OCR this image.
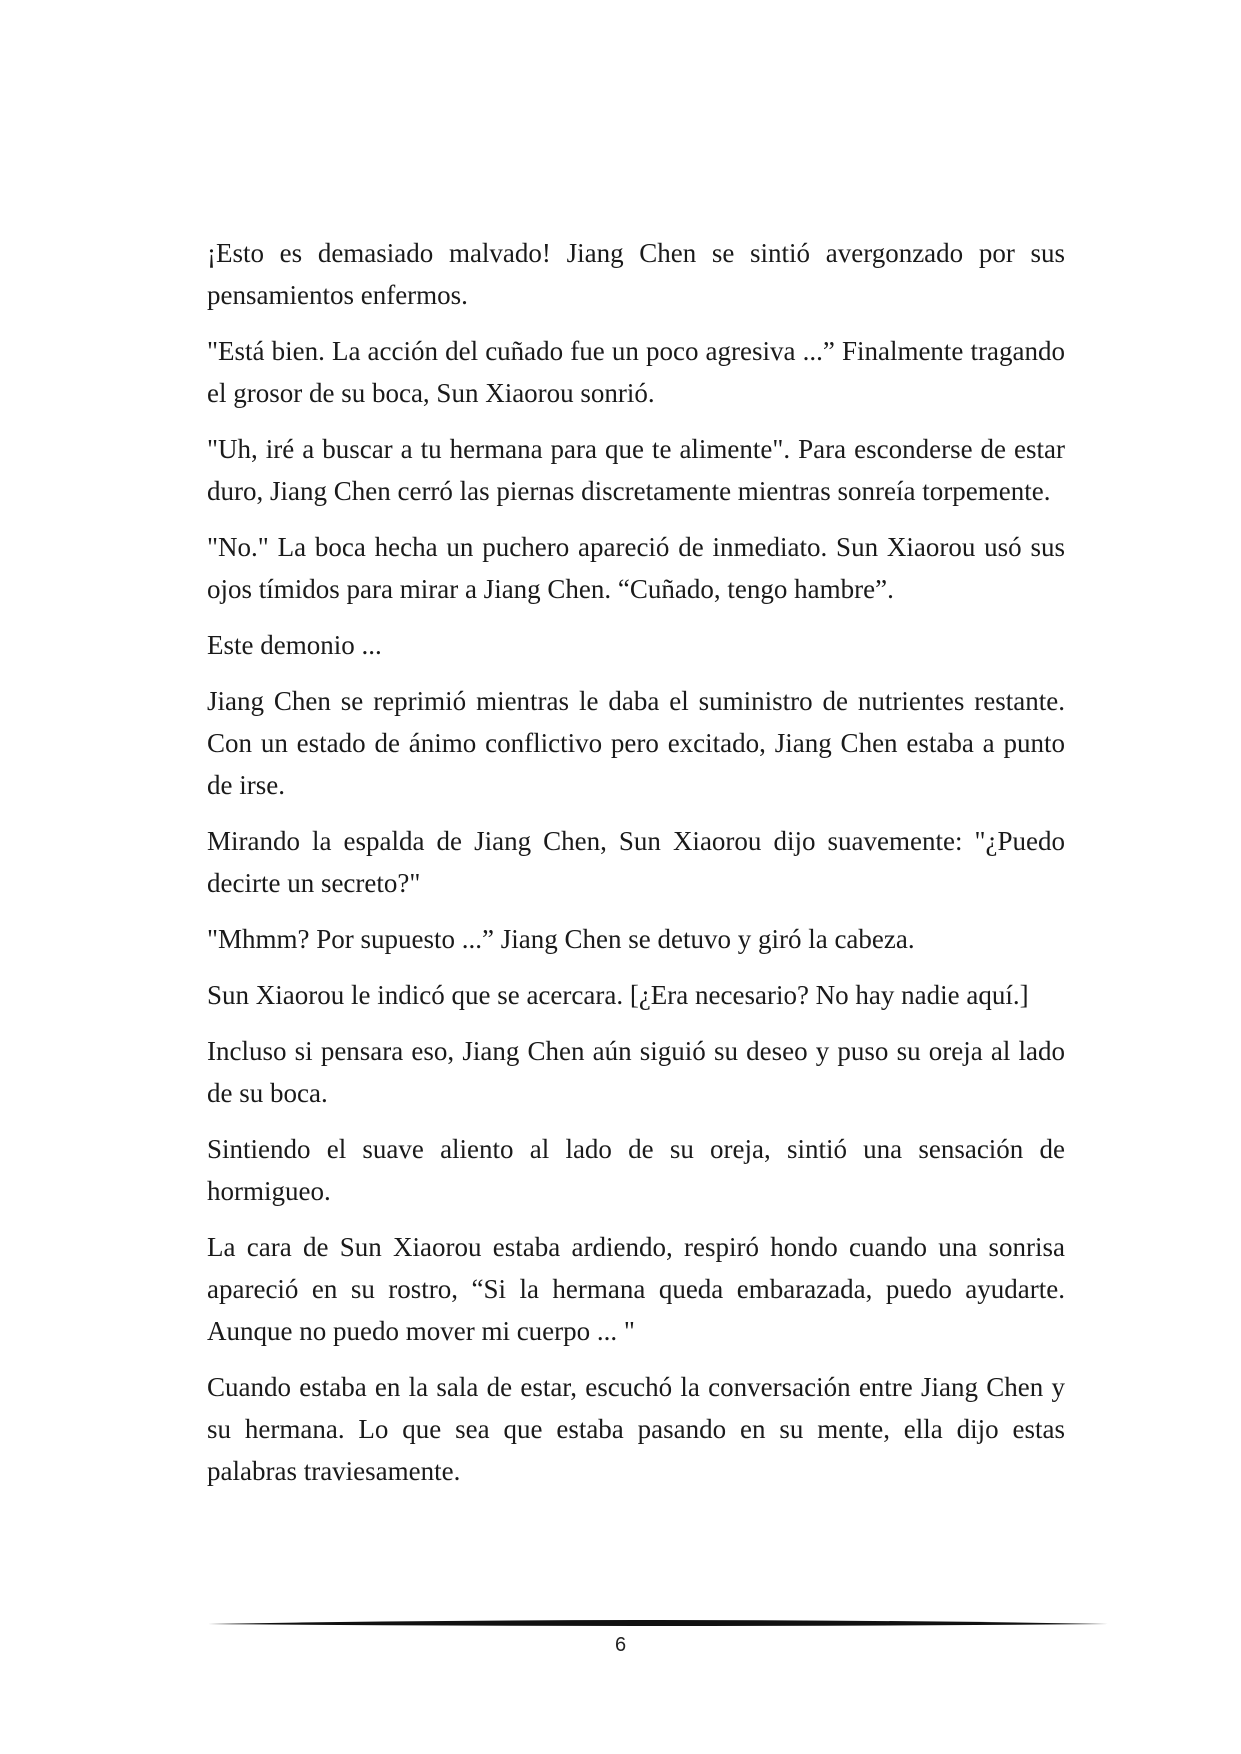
¡Esto es demasiado malvado! Jiang Chen se sintió avergonzado por sus pensamientos enfermos.

"Está bien. La acción del cuñado fue un poco agresiva ...” Finalmente tragando el grosor de su boca, Sun Xiaorou sonrió.

"Uh, iré a buscar a tu hermana para que te alimente". Para esconderse de estar duro, Jiang Chen cerró las piernas discretamente mientras sonreía torpemente.

"No." La boca hecha un puchero apareció de inmediato. Sun Xiaorou usó sus ojos tímidos para mirar a Jiang Chen. “Cuñado, tengo hambre”.

Este demonio ...

Jiang Chen se reprimió mientras le daba el suministro de nutrientes restante. Con un estado de ánimo conflictivo pero excitado, Jiang Chen estaba a punto de irse.

Mirando la espalda de Jiang Chen, Sun Xiaorou dijo suavemente: "¿Puedo decirte un secreto?"

"Mhmm? Por supuesto ...” Jiang Chen se detuvo y giró la cabeza.

Sun Xiaorou le indicó que se acercara. [¿Era necesario? No hay nadie aquí.]

Incluso si pensara eso, Jiang Chen aún siguió su deseo y puso su oreja al lado de su boca.

Sintiendo el suave aliento al lado de su oreja, sintió una sensación de hormigueo.

La cara de Sun Xiaorou estaba ardiendo, respiró hondo cuando una sonrisa apareció en su rostro, “Si la hermana queda embarazada, puedo ayudarte. Aunque no puedo mover mi cuerpo ... "

Cuando estaba en la sala de estar, escuchó la conversación entre Jiang Chen y su hermana. Lo que sea que estaba pasando en su mente, ella dijo estas palabras traviesamente.

6
